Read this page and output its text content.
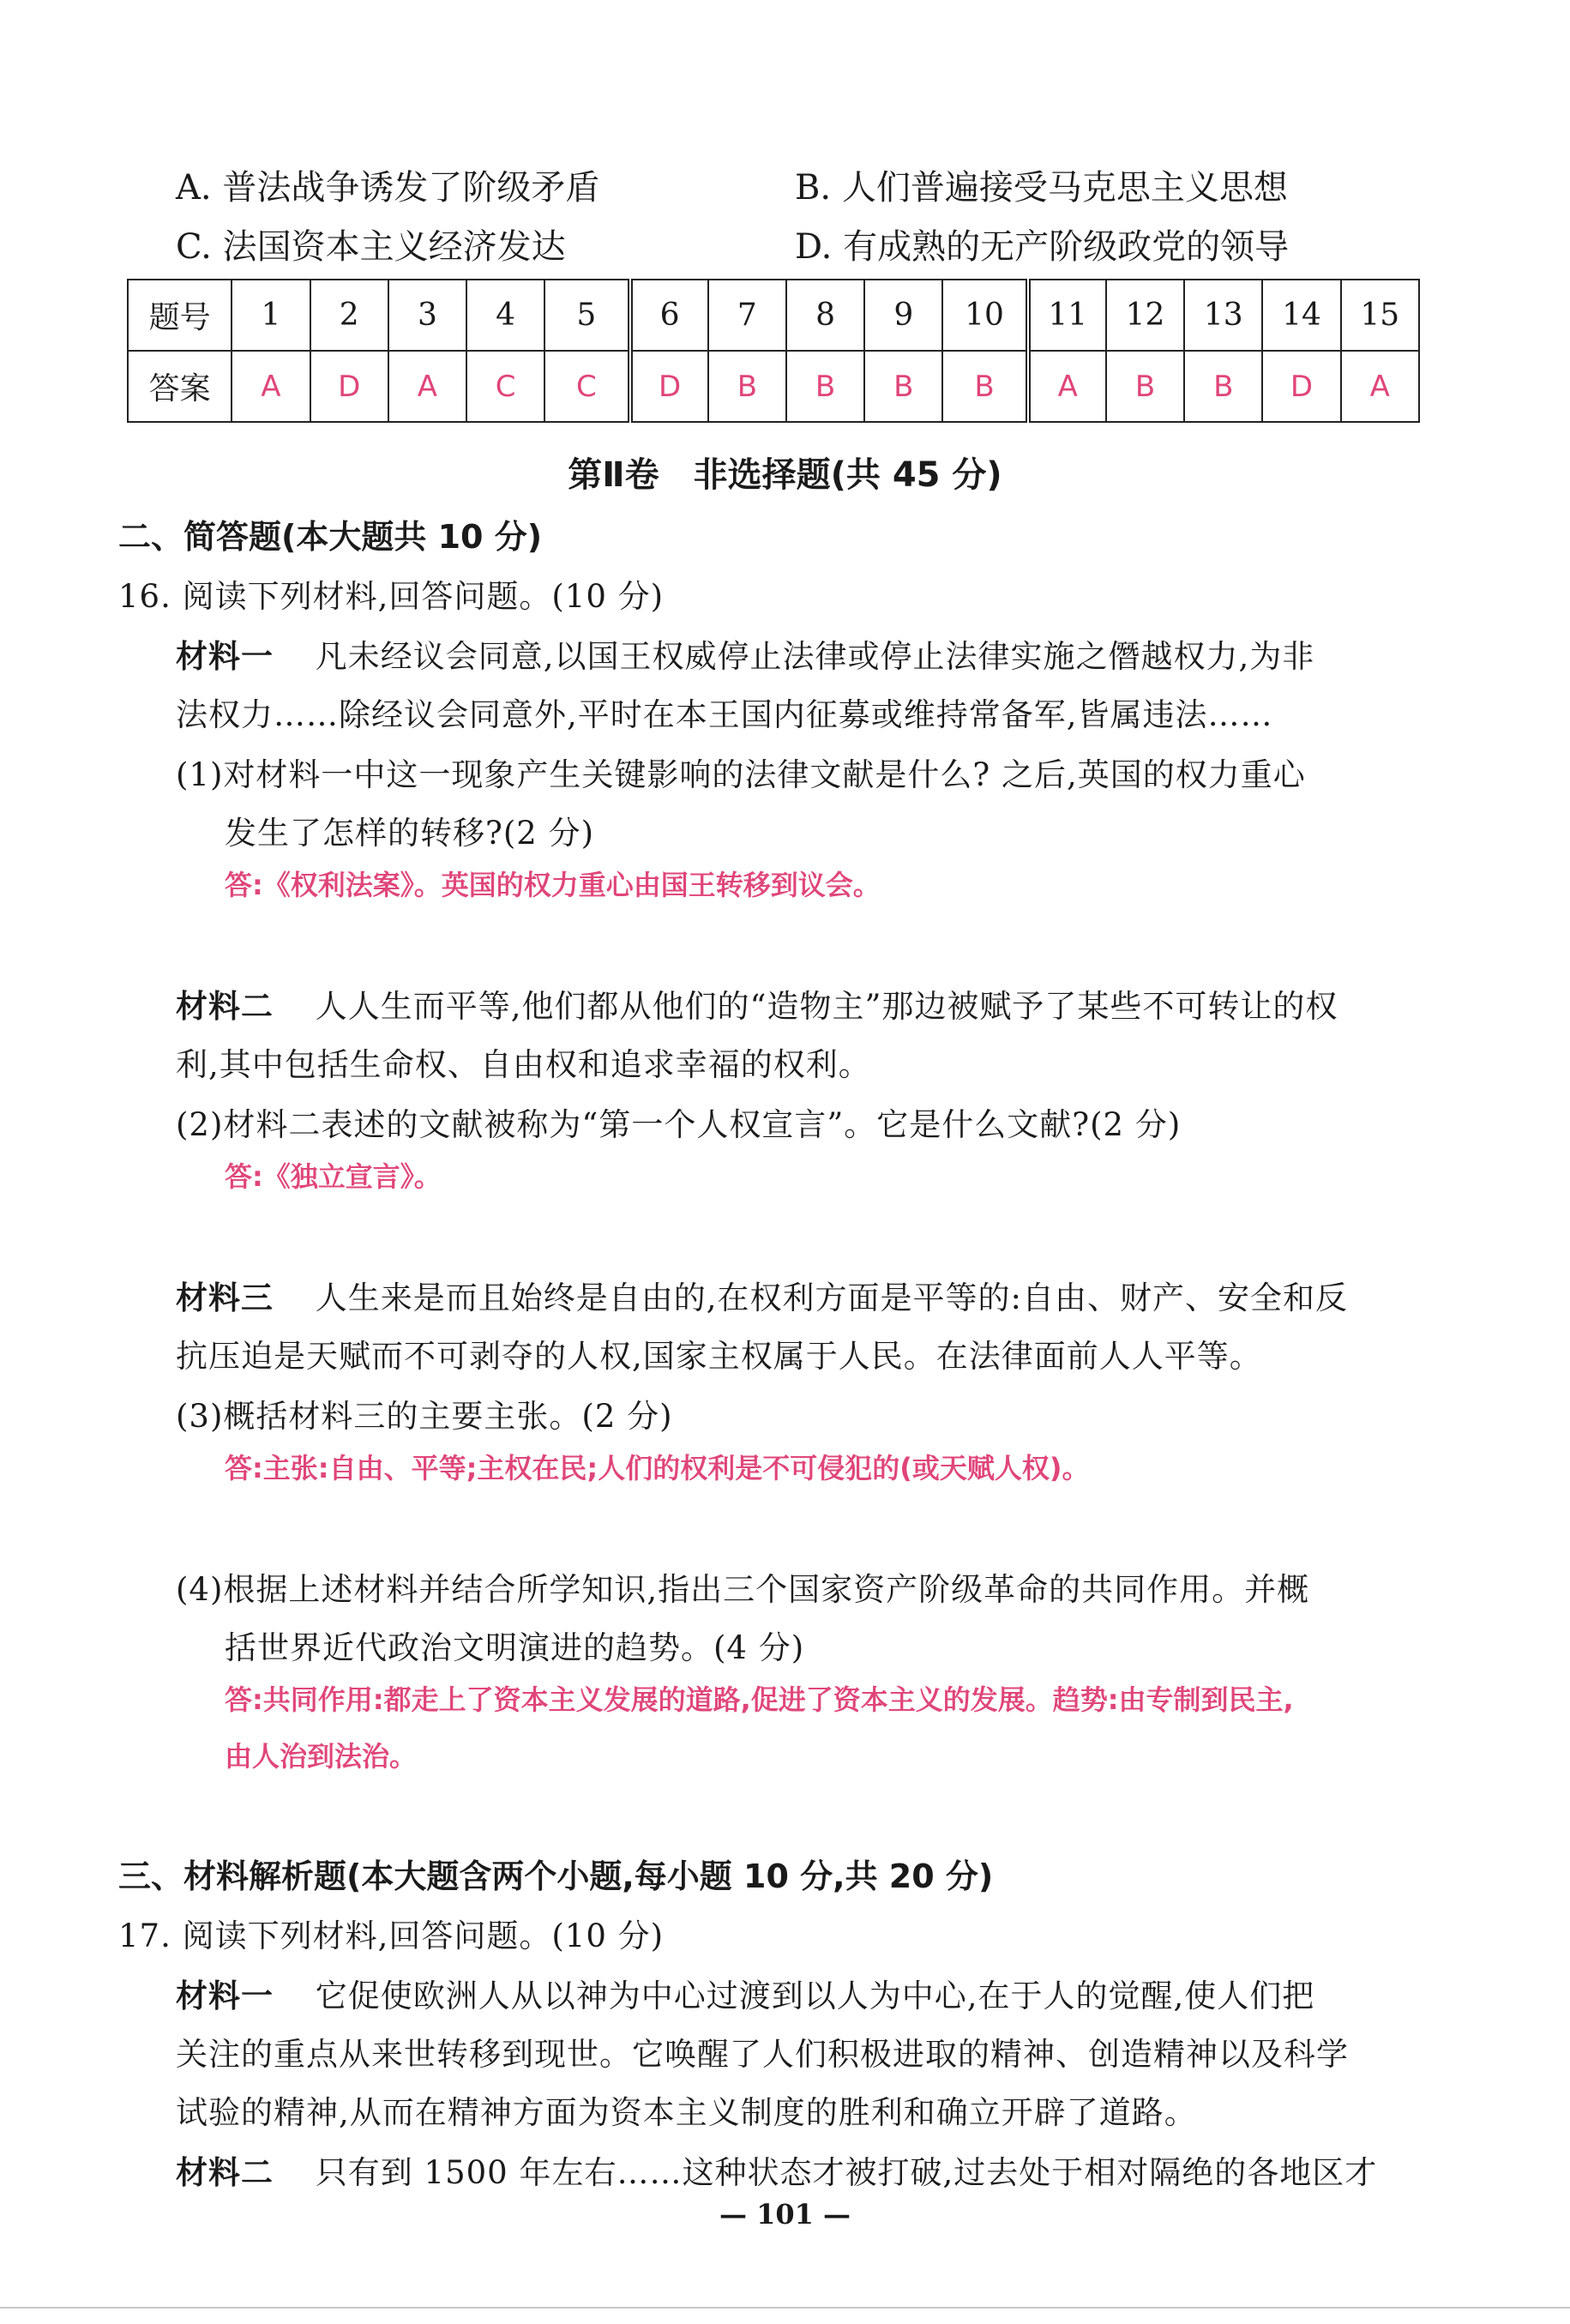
A. 普法战争诱发了阶级矛盾	B. 人们普遍接受马克思主义思想
C. 法国资本主义经济发达	D. 有成熟的无产阶级政党的领导
题号	1	2	3	4	5	6	7	8	9	10	11	12	13	14	15
答案	A	D	A	C	C	D	B	B	B	B	A	B	B	D	A
第Ⅱ卷　非选择题(共 45 分)
二、简答题(本大题共 10 分)
16. 阅读下列材料,回答问题。(10 分)
材料一 凡未经议会同意,以国王权威停止法律或停止法律实施之僭越权力,为非
法权力……除经议会同意外,平时在本王国内征募或维持常备军,皆属违法……
(1)对材料一中这一现象产生关键影响的法律文献是什么? 之后,英国的权力重心
发生了怎样的转移?(2 分)
答:《权利法案》。英国的权力重心由国王转移到议会。
材料二 人人生而平等,他们都从他们的“造物主”那边被赋予了某些不可转让的权
利,其中包括生命权、自由权和追求幸福的权利。
(2)材料二表述的文献被称为“第一个人权宣言”。它是什么文献?(2 分)
答:《独立宣言》。
材料三 人生来是而且始终是自由的,在权利方面是平等的:自由、财产、安全和反
抗压迫是天赋而不可剥夺的人权,国家主权属于人民。在法律面前人人平等。
(3)概括材料三的主要主张。(2 分)
答:主张:自由、平等;主权在民;人们的权利是不可侵犯的(或天赋人权)。
(4)根据上述材料并结合所学知识,指出三个国家资产阶级革命的共同作用。并概
括世界近代政治文明演进的趋势。(4 分)
答:共同作用:都走上了资本主义发展的道路,促进了资本主义的发展。趋势:由专制到民主,
由人治到法治。
三、材料解析题(本大题含两个小题,每小题 10 分,共 20 分)
17. 阅读下列材料,回答问题。(10 分)
材料一 它促使欧洲人从以神为中心过渡到以人为中心,在于人的觉醒,使人们把
关注的重点从来世转移到现世。它唤醒了人们积极进取的精神、创造精神以及科学
试验的精神,从而在精神方面为资本主义制度的胜利和确立开辟了道路。
材料二 只有到 1500 年左右……这种状态才被打破,过去处于相对隔绝的各地区才
— 101 —
